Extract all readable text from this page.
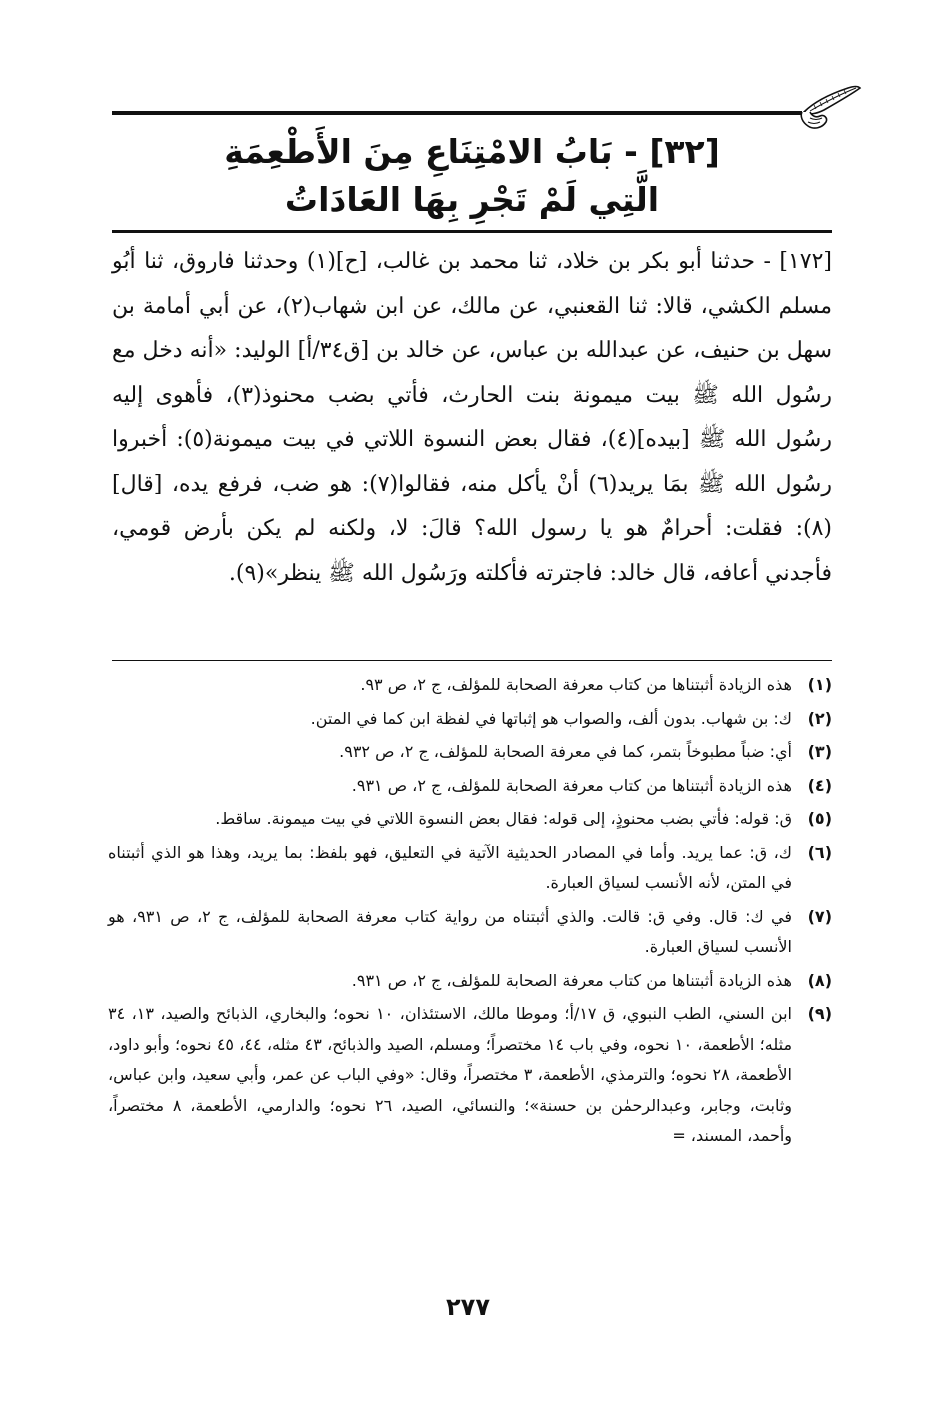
[٣٢] - بَابُ الامْتِنَاعِ مِنَ الأَطْعِمَةِ
الَّتِي لَمْ تَجْرِ بِهَا العَادَاتُ
[١٧٢] - حدثنا أبو بكر بن خلاد، ثنا محمد بن غالب، [ح](١) وحدثنا فاروق، ثنا أبُو مسلم الكشي، قالا: ثنا القعنبي، عن مالك، عن ابن شهاب(٢)، عن أبي أمامة بن سهل بن حنيف، عن عبدالله بن عباس، عن خالد بن [ق٣٤/أ] الوليد: «أنه دخل مع رسُول الله ﷺ بيت ميمونة بنت الحارث، فأتي بضب محنوذ(٣)، فأهوى إليه رسُول الله ﷺ [بيده](٤)، فقال بعض النسوة اللاتي في بيت ميمونة(٥): أخبروا رسُول الله ﷺ بمَا يريد(٦) أنْ يأكل منه، فقالوا(٧): هو ضب، فرفع يده، [قال](٨): فقلت: أحرامٌ هو يا رسول الله؟ قالَ: لا، ولكنه لم يكن بأرض قومي، فأجدني أعافه، قال خالد: فاجترته فأكلته ورَسُول الله ﷺ ينظر»(٩).
(١)
هذه الزيادة أثبتناها من كتاب معرفة الصحابة للمؤلف، ج ٢، ص ٩٣.
(٢)
ك: بن شهاب. بدون ألف، والصواب هو إثباتها في لفظة ابن كما في المتن.
(٣)
أي: ضباً مطبوخاً بتمر، كما في معرفة الصحابة للمؤلف، ج ٢، ص ٩٣٢.
(٤)
هذه الزيادة أثبتناها من كتاب معرفة الصحابة للمؤلف، ج ٢، ص ٩٣١.
(٥)
ق: قوله: فأتي بضب محنوذٍ، إلى قوله: فقال بعض النسوة اللاتي في بيت ميمونة. ساقط.
(٦)
ك، ق: عما يريد. وأما في المصادر الحديثية الآتية في التعليق، فهو بلفظ: بما يريد، وهذا هو الذي أثبتناه في المتن، لأنه الأنسب لسياق العبارة.
(٧)
في ك: قال. وفي ق: قالت. والذي أثبتناه من رواية كتاب معرفة الصحابة للمؤلف، ج ٢، ص ٩٣١، هو الأنسب لسياق العبارة.
(٨)
هذه الزيادة أثبتناها من كتاب معرفة الصحابة للمؤلف، ج ٢، ص ٩٣١.
(٩)
ابن السني، الطب النبوي، ق ١٧/أ؛ وموطا مالك، الاستئذان، ١٠ نحوه؛ والبخاري، الذبائح والصيد، ١٣، ٣٤ مثله؛ الأطعمة، ١٠ نحوه، وفي باب ١٤ مختصراً؛ ومسلم، الصيد والذبائح، ٤٣ مثله، ٤٤، ٤٥ نحوه؛ وأبو داود، الأطعمة، ٢٨ نحوه؛ والترمذي، الأطعمة، ٣ مختصراً، وقال: «وفي الباب عن عمر، وأبي سعيد، وابن عباس، وثابت، وجابر، وعبدالرحمٰن بن حسنة»؛ والنسائي، الصيد، ٢٦ نحوه؛ والدارمي، الأطعمة، ٨ مختصراً، وأحمد، المسند، =
٢٧٧
